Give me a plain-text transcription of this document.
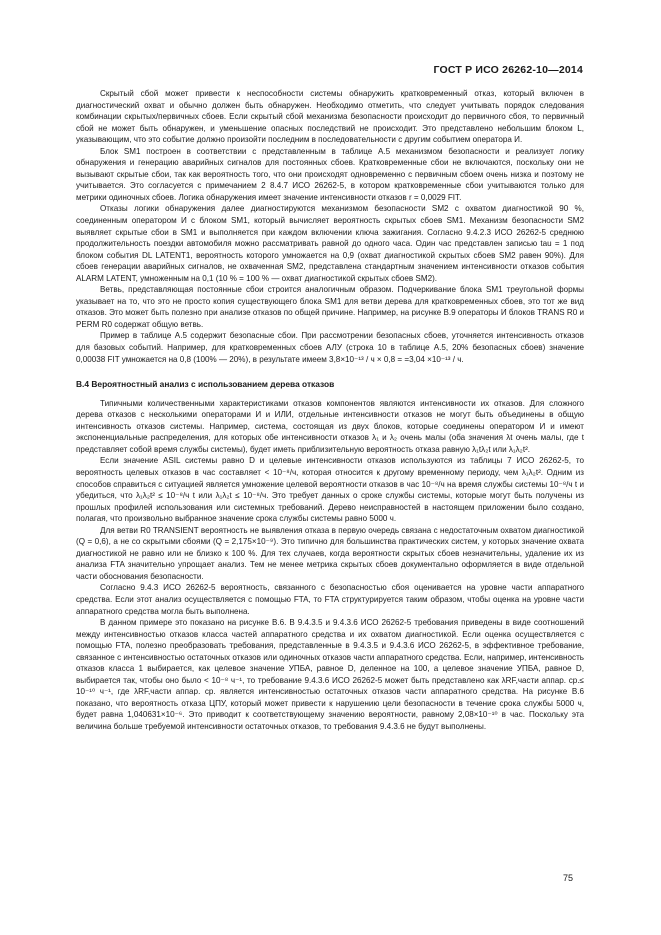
ГОСТ Р ИСО 26262-10—2014

Скрытый сбой может привести к неспособности системы обнаружить кратковременный отказ, который включен в диагностический охват и обычно должен быть обнаружен. Необходимо отметить, что следует учитывать порядок следования комбинации скрытых/первичных сбоев. Если скрытый сбой механизма безопасности происходит до первичного сбоя, то первичный сбой не может быть обнаружен, и уменьшение опасных последствий не происходит. Это представлено небольшим блоком L, указывающим, что это событие должно произойти последним в последовательности с другим событием оператора И.

Блок SM1 построен в соответствии с представленным в таблице А.5 механизмом безопасности и реализует логику обнаружения и генерацию аварийных сигналов для постоянных сбоев. Кратковременные сбои не включаются, поскольку они не вызывают скрытые сбои, так как вероятность того, что они происходят одновременно с первичным сбоем очень низка и поэтому не учитывается. Это согласуется с примечанием 2 8.4.7 ИСО 26262-5, в котором кратковременные сбои учитываются только для метрики одиночных сбоев. Логика обнаружения имеет значение интенсивности отказов r = 0,0029 FIT.

Отказы логики обнаружения далее диагностируются механизмом безопасности SM2 с охватом диагностикой 90 %, соединенным оператором И с блоком SM1, который вычисляет вероятность скрытых сбоев SM1. Механизм безопасности SM2 выявляет скрытые сбои в SM1 и выполняется при каждом включении ключа зажигания. Согласно 9.4.2.3 ИСО 26262-5 среднюю продолжительность поездки автомобиля можно рассматривать равной до одного часа. Один час представлен записью tau = 1 под блоком события DL LATENT1, вероятность которого умножается на 0,9 (охват диагностикой скрытых сбоев SM2 равен 90%). Для сбоев генерации аварийных сигналов, не охваченная SM2, представлена стандартным значением интенсивности отказов события ALARM LATENT, умноженным на 0,1 (10 % = 100 % — охват диагностикой скрытых сбоев SM2).

Ветвь, представляющая постоянные сбои строится аналогичным образом. Подчеркивание блока SM1 треугольной формы указывает на то, что это не просто копия существующего блока SM1 для ветви дерева для кратковременных сбоев, это тот же вид отказов. Это может быть полезно при анализе отказов по общей причине. Например, на рисунке В.9 операторы И блоков TRANS R0 и PERM R0 содержат общую ветвь.

Пример в таблице А.5 содержит безопасные сбои. При рассмотрении безопасных сбоев, уточняется интенсивность отказов для базовых событий. Например, для кратковременных сбоев АЛУ (строка 10 в таблице А.5, 20% безопасных сбоев) значение 0,00038 FIT умножается на 0,8 (100% — 20%), в результате имеем 3,8×10⁻¹³ / ч × 0,8 = =3,04 ×10⁻¹³ / ч.

В.4 Вероятностный анализ с использованием дерева отказов

Типичными количественными характеристиками отказов компонентов являются интенсивности их отказов. Для сложного дерева отказов с несколькими операторами И и ИЛИ, отдельные интенсивности отказов не могут быть объединены в общую интенсивность отказов системы. Например, система, состоящая из двух блоков, которые соединены оператором И и имеют экспоненциальные распределения, для которых обе интенсивности отказов λ₁ и λ₂ очень малы (оба значения λt очень малы, где t представляет собой время службы системы), будет иметь приблизительную вероятность отказа равную λ₁tλ₂t или λ₁λ₂t².

Если значение ASIL системы равно D и целевые интенсивности отказов используются из таблицы 7 ИСО 26262-5, то вероятность целевых отказов в час составляет < 10⁻⁸/ч, которая относится к другому временному периоду, чем λ₁λ₂t². Одним из способов справиться с ситуацией является умножение целевой вероятности отказов в час 10⁻⁸/ч на время службы системы 10⁻⁸/ч t и убедиться, что λ₁λ₂t² ≤ 10⁻⁸/ч t или λ₁λ₂t ≤ 10⁻⁸/ч. Это требует данных о сроке службы системы, которые могут быть получены из прошлых профилей использования или системных требований. Дерево неисправностей в настоящем приложении было создано, полагая, что произвольно выбранное значение срока службы системы равно 5000 ч.

Для ветви R0 TRANSIENT вероятность не выявления отказа в первую очередь связана с недостаточным охватом диагностикой (Q = 0,6), а не со скрытыми сбоями (Q = 2,175×10⁻⁹). Это типично для большинства практических систем, у которых значение охвата диагностикой не равно или не близко к 100 %. Для тех случаев, когда вероятности скрытых сбоев незначительны, удаление их из анализа FTA значительно упрощает анализ. Тем не менее метрика скрытых сбоев документально оформляется в виде отдельной части обоснования безопасности.

Согласно 9.4.3 ИСО 26262-5 вероятность, связанного с безопасностью сбоя оценивается на уровне части аппаратного средства. Если этот анализ осуществляется с помощью FTA, то FTA структурируется таким образом, чтобы оценка на уровне части аппаратного средства могла быть выполнена.

В данном примере это показано на рисунке В.6. В 9.4.3.5 и 9.4.3.6 ИСО 26262-5 требования приведены в виде соотношений между интенсивностью отказов класса частей аппаратного средства и их охватом диагностикой. Если оценка осуществляется с помощью FTA, полезно преобразовать требования, представленные в 9.4.3.5 и 9.4.3.6 ИСО 26262-5, в эффективное требование, связанное с интенсивностью остаточных отказов или одиночных отказов части аппаратного средства. Если, например, интенсивность отказов класса 1 выбирается, как целевое значение УПБА, равное D, деленное на 100, а целевое значение УПБА, равное D, выбирается так, чтобы оно было < 10⁻⁸ ч⁻¹, то требование 9.4.3.6 ИСО 26262-5 может быть представлено как λRF,части аппар. ср.≤ 10⁻¹⁰ ч⁻¹, где λRF,части аппар. ср. является интенсивностью остаточных отказов части аппаратного средства. На рисунке В.6 показано, что вероятность отказа ЦПУ, который может привести к нарушению цели безопасности в течение срока службы 5000 ч, будет равна 1,040631×10⁻⁶. Это приводит к соответствующему значению вероятности, равному 2,08×10⁻¹⁰ в час. Поскольку эта величина больше требуемой интенсивности остаточных отказов, то требования 9.4.3.6 не будут выполнены.

75
